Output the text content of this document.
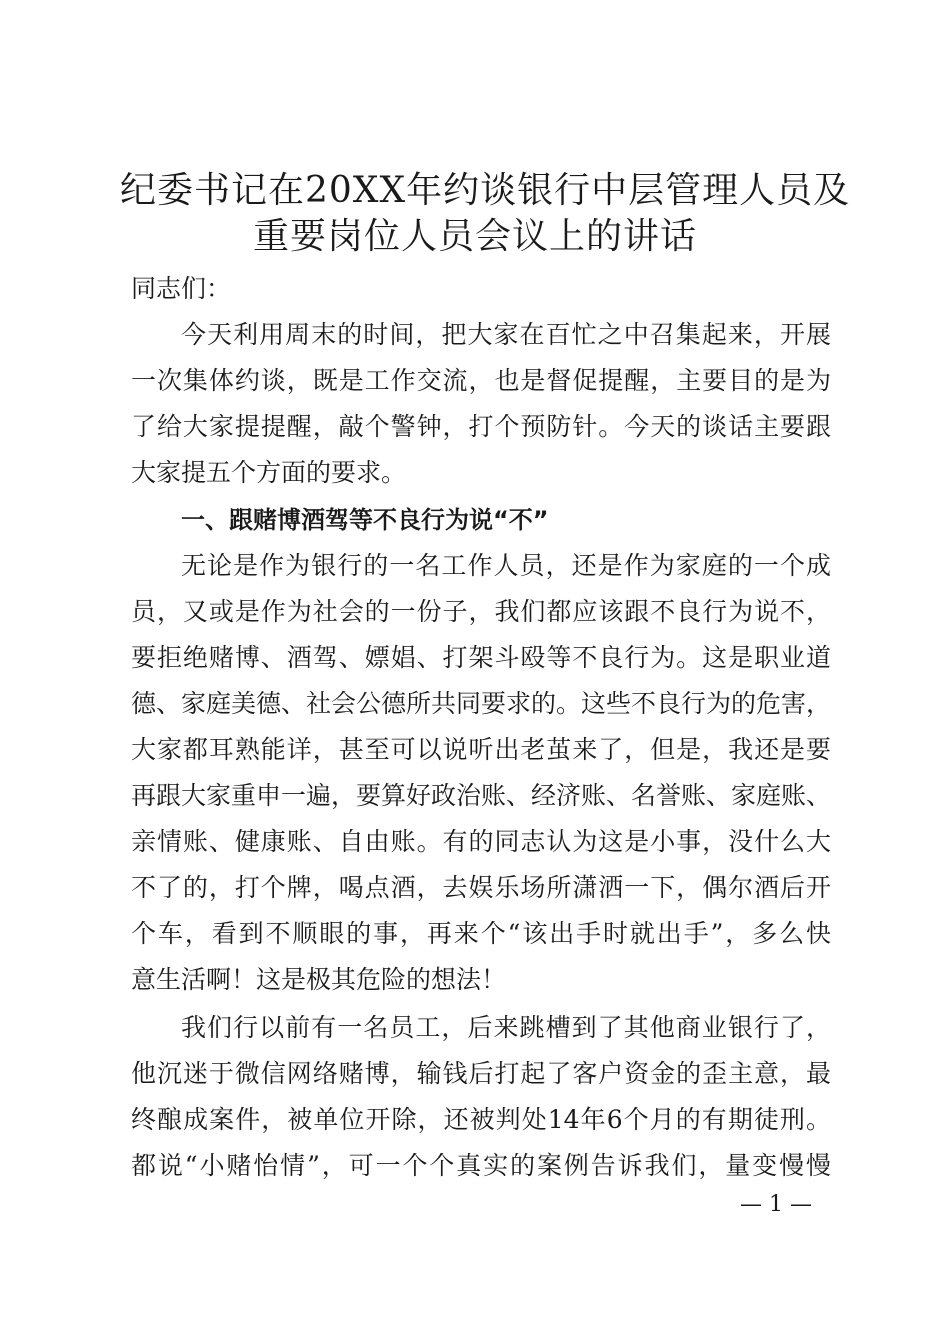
纪委书记在20XX年约谈银行中层管理人员及
重要岗位人员会议上的讲话
同志们：
今天利用周末的时间，把大家在百忙之中召集起来，开展
一次集体约谈，既是工作交流，也是督促提醒，主要目的是为
了给大家提提醒，敲个警钟，打个预防针。今天的谈话主要跟
大家提五个方面的要求。
一、跟赌博酒驾等不良行为说“不”
无论是作为银行的一名工作人员，还是作为家庭的一个成
员，又或是作为社会的一份子，我们都应该跟不良行为说不，
要拒绝赌博、酒驾、嫖娼、打架斗殴等不良行为。这是职业道
德、家庭美德、社会公德所共同要求的。这些不良行为的危害，
大家都耳熟能详，甚至可以说听出老茧来了，但是，我还是要
再跟大家重申一遍，要算好政治账、经济账、名誉账、家庭账、
亲情账、健康账、自由账。有的同志认为这是小事，没什么大
不了的，打个牌，喝点酒，去娱乐场所潇洒一下，偶尔酒后开
个车，看到不顺眼的事，再来个“该出手时就出手”，多么快
意生活啊！这是极其危险的想法！
我们行以前有一名员工，后来跳槽到了其他商业银行了，
他沉迷于微信网络赌博，输钱后打起了客户资金的歪主意，最
终酿成案件，被单位开除，还被判处14年6个月的有期徒刑。
都说“小赌怡情”，可一个个真实的案例告诉我们，量变慢慢
— 1 —
